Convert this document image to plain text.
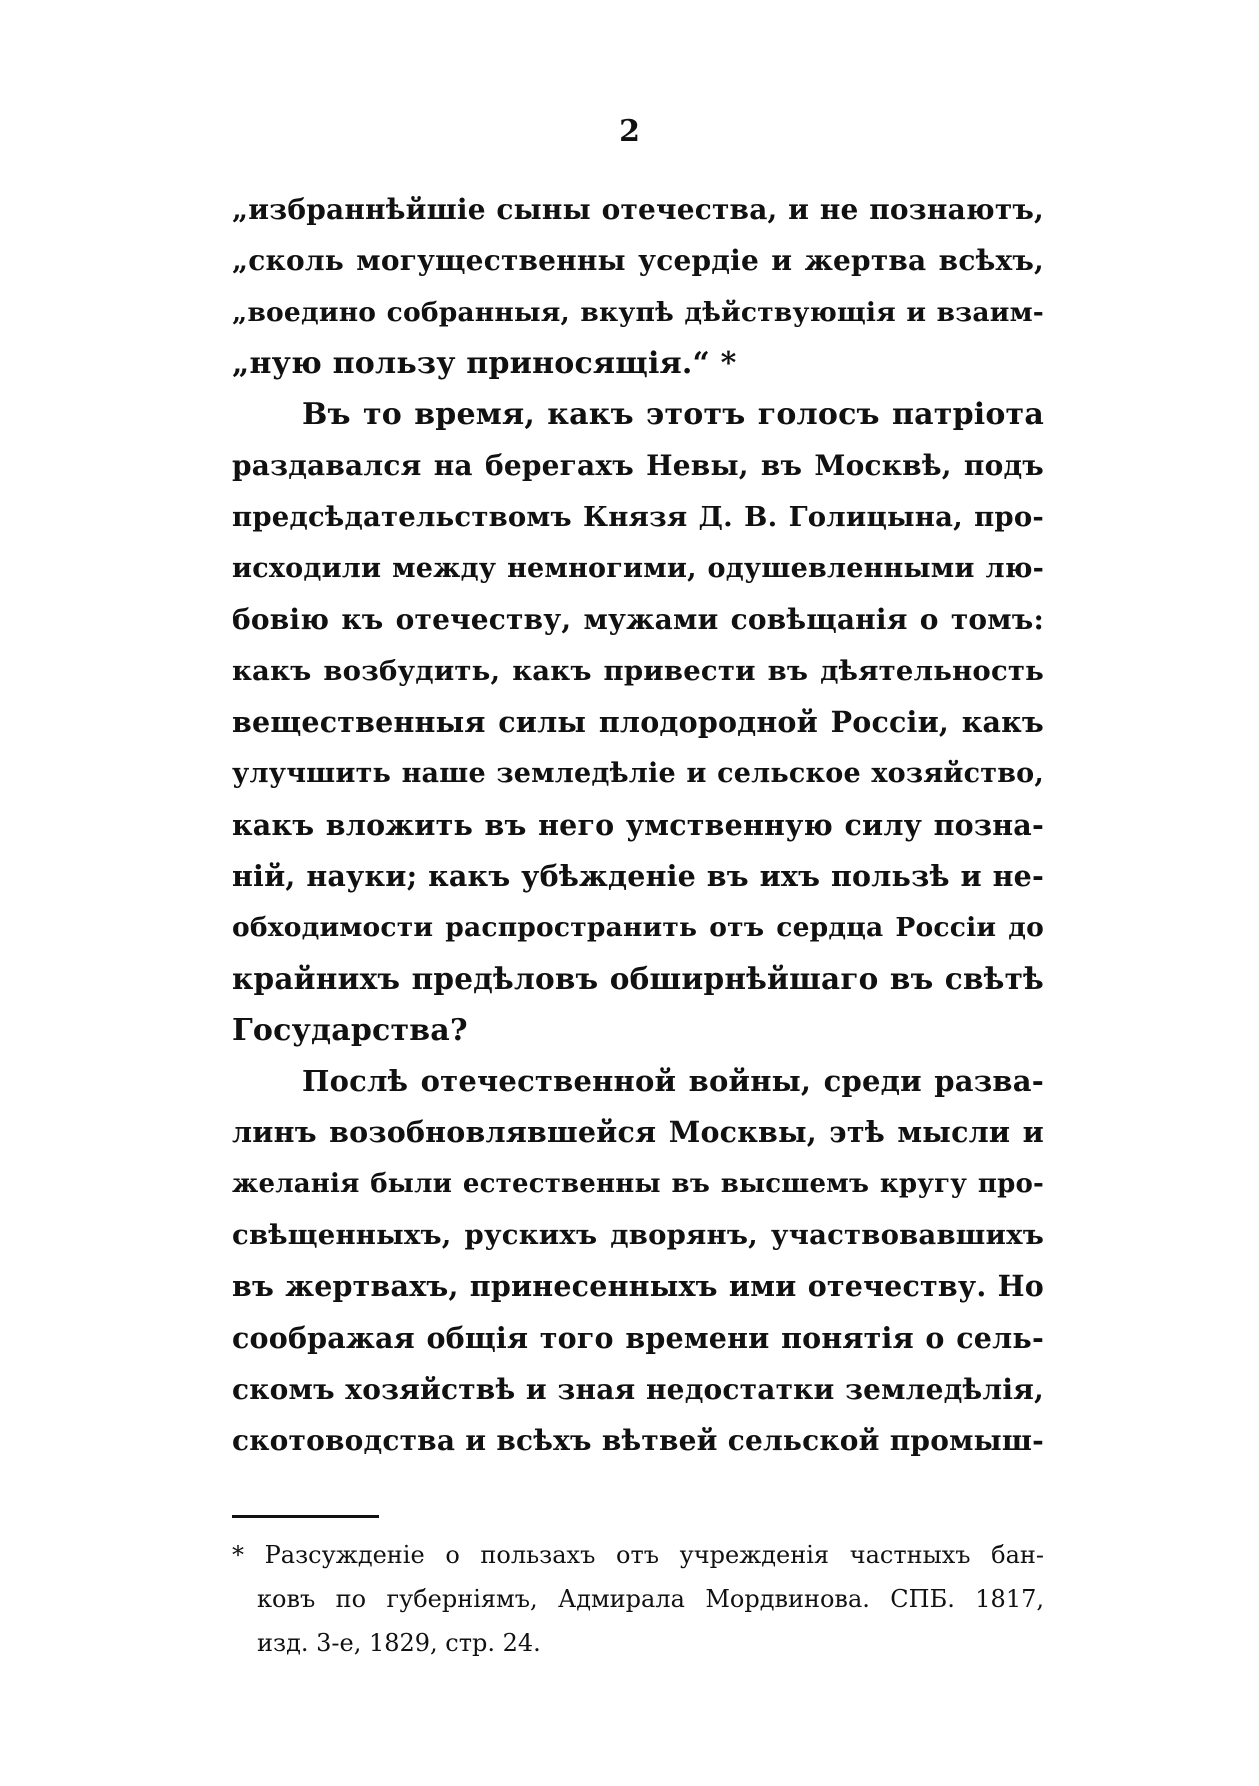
2
„избраннѣйшіе сыны отечества, и не познаютъ,
„сколь могущественны усердіе и жертва всѣхъ,
„воедино собранныя, вкупѣ дѣйствующія и взаим-
„ную пользу приносящія.“ *
Въ то время, какъ этотъ голосъ патріота
раздавался на берегахъ Невы, въ Москвѣ, подъ
предсѣдательствомъ Князя Д. В. Голицына, про-
исходили между немногими, одушевленными лю-
бовію къ отечеству, мужами совѣщанія о томъ:
какъ возбудить, какъ привести въ дѣятельность
вещественныя силы плодородной Россіи, какъ
улучшить наше земледѣліе и сельское хозяйство,
какъ вложить въ него умственную силу позна-
ній, науки; какъ убѣжденіе въ ихъ пользѣ и не-
обходимости распространить отъ сердца Россіи до
крайнихъ предѣловъ обширнѣйшаго въ свѣтѣ
Государства?
Послѣ отечественной войны, среди разва-
линъ возобновлявшейся Москвы, этѣ мысли и
желанія были естественны въ высшемъ кругу про-
свѣщенныхъ, рускихъ дворянъ, участвовавшихъ
въ жертвахъ, принесенныхъ ими отечеству. Но
соображая общія того времени понятія о сель-
скомъ хозяйствѣ и зная недостатки земледѣлія,
скотоводства и всѣхъ вѣтвей сельской промыш-
* Разсужденіе о пользахъ отъ учрежденія частныхъ бан-
ковъ по губерніямъ, Адмирала Мордвинова. СПБ. 1817,
изд. 3-е, 1829, стр. 24.
